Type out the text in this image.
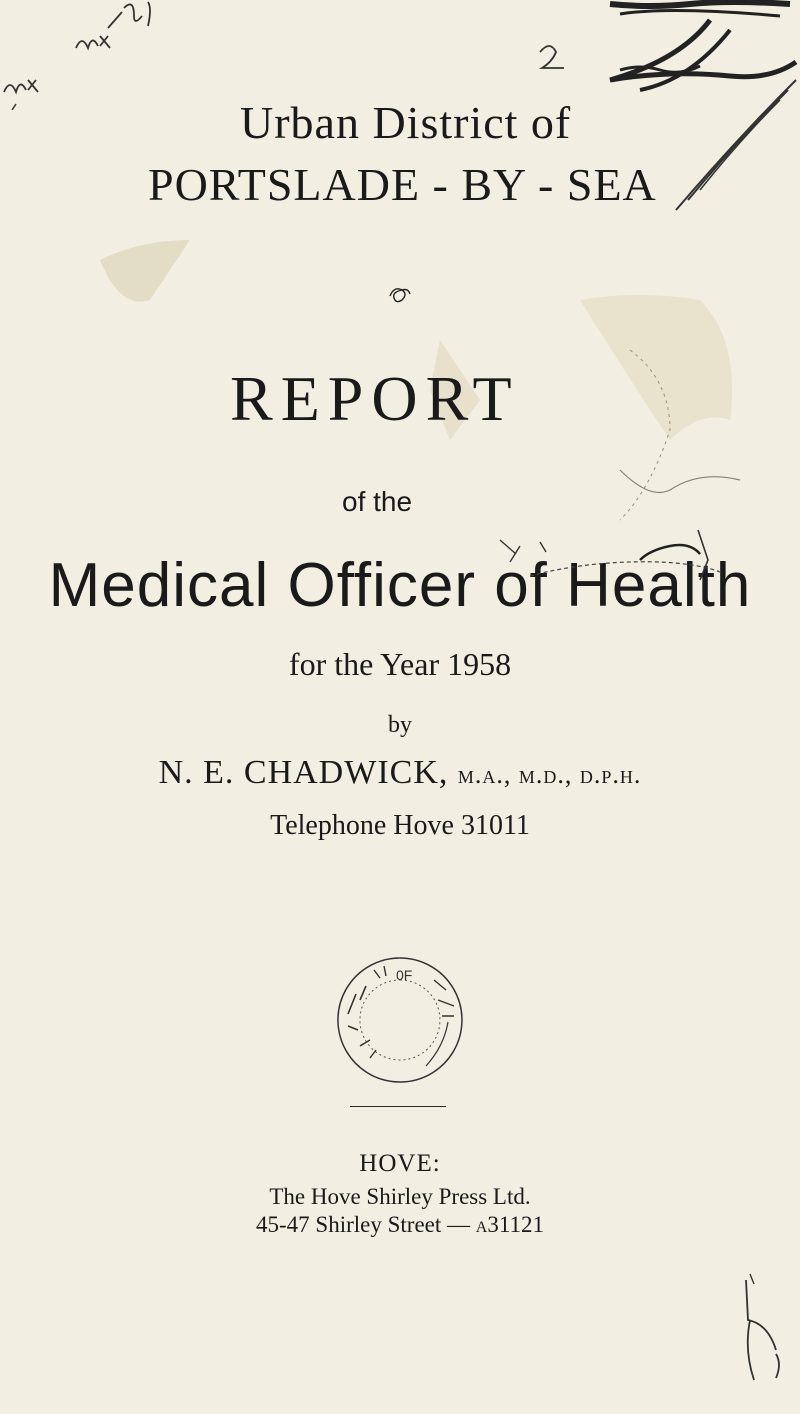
Urban District of
PORTSLADE - BY - SEA
REPORT
of the
Medical Officer of Health
for the Year 1958
by
N. E. CHADWICK, m.a., m.d., d.p.h.
Telephone Hove 31011
0F
HOVE:
The Hove Shirley Press Ltd.
45-47 Shirley Street — a31121
